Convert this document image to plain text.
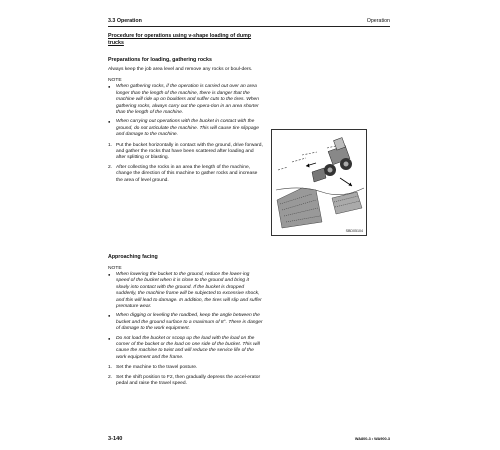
3.3 Operation	Operation
Procedure for operations using v-shape loading of dump
trucks
Preparations for loading, gathering rocks

Always keep the job area level and remove any rocks or boul-ders.

NOTE

● When gathering rocks, if the operation is carried out over an area longer than the length of the machine, there is danger that the machine will ride up on boulders and suffer cuts to the tires. When gathering rocks, always carry out the opera-tion in an area shorter than the length of the machine.

● When carrying out operations with the bucket in contact with the ground, do not articulate the machine. This will cause tire slippage and damage to the machine.

1. Put the bucket horizontally in contact with the ground, drive forward, and gather the rocks that have been scattered after loading and after splitting or blasting.
2. After collecting the rocks in an area the length of the machine, change the direction of this machine to gather rocks and increase the area of level ground.
SBD05104
Approaching facing

NOTE

● When lowering the bucket to the ground, reduce the lower-ing speed of the bucket when it is close to the ground and bring it slowly into contact with the ground. If the bucket is dropped suddenly, the machine frame will be subjected to excessive shock, and this will lead to damage. In addition, the tires will slip and suffer premature wear.

● When digging or leveling the roadbed, keep the angle between the bucket and the ground surface to a maximum of 8°. There is danger of damage to the work equipment.

● Do not load the bucket or scoop up the load with the load on the corner of the bucket or the load on one side of the bucket. This will cause the machine to twist and will reduce the service life of the work equipment and the frame.

1. Set the machine to the travel posture.
2. Set the shift position to F2, then gradually depress the accel-erator pedal and raise the travel speed.
3-140	WA800-3 • WA900-3
